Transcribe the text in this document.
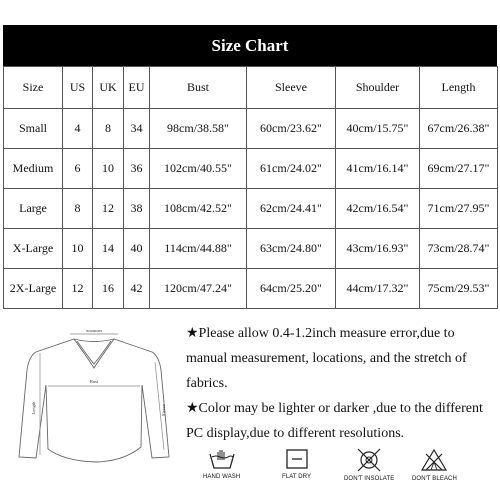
Size Chart
Size	US	UK	EU	Bust	Sleeve	Shoulder	Length
Small	4	8	34	98cm/38.58"	60cm/23.62"	40cm/15.75"	67cm/26.38"
Medium	6	10	36	102cm/40.55"	61cm/24.02"	41cm/16.14"	69cm/27.17"
Large	8	12	38	108cm/42.52"	62cm/24.41"	42cm/16.54"	71cm/27.95"
X-Large	10	14	40	114cm/44.88"	63cm/24.80"	43cm/16.93"	73cm/28.74"
2X-Large	12	16	42	120cm/47.24"	64cm/25.20"	44cm/17.32"	75cm/29.53"
Shoulder
Bust
Length	Sleeve

★Please allow 0.4-1.2inch measure error,due to manual measurement, locations, and the stretch of fabrics.

★Color may be lighter or darker ,due to the different PC display,due to different resolutions.

HAND WASH	FLAT DRY	DON'T INSOLATE	DON'T BLEACH
